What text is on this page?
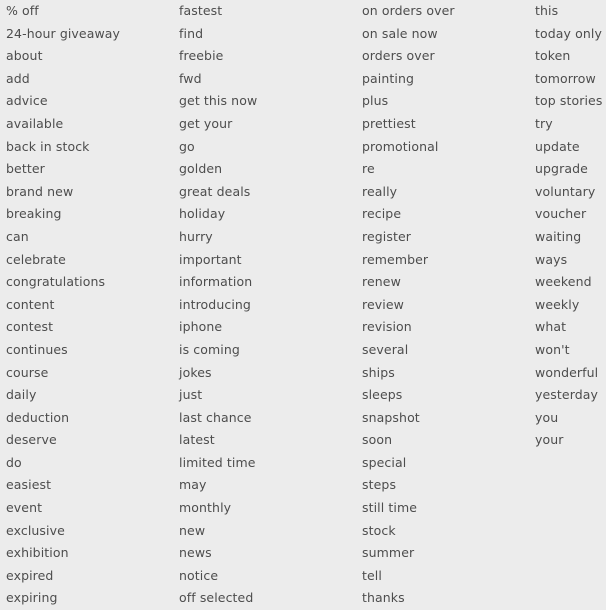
% off
24-hour giveaway
about
add
advice
available
back in stock
better
brand new
breaking
can
celebrate
congratulations
content
contest
continues
course
daily
deduction
deserve
do
easiest
event
exclusive
exhibition
expired
expiring
fastest
find
freebie
fwd
get this now
get your
go
golden
great deals
holiday
hurry
important
information
introducing
iphone
is coming
jokes
just
last chance
latest
limited time
may
monthly
new
news
notice
off selected
on orders over
on sale now
orders over
painting
plus
prettiest
promotional
re
really
recipe
register
remember
renew
review
revision
several
ships
sleeps
snapshot
soon
special
steps
still time
stock
summer
tell
thanks
this
today only
token
tomorrow
top stories
try
update
upgrade
voluntary
voucher
waiting
ways
weekend
weekly
what
won't
wonderful
yesterday
you
your
